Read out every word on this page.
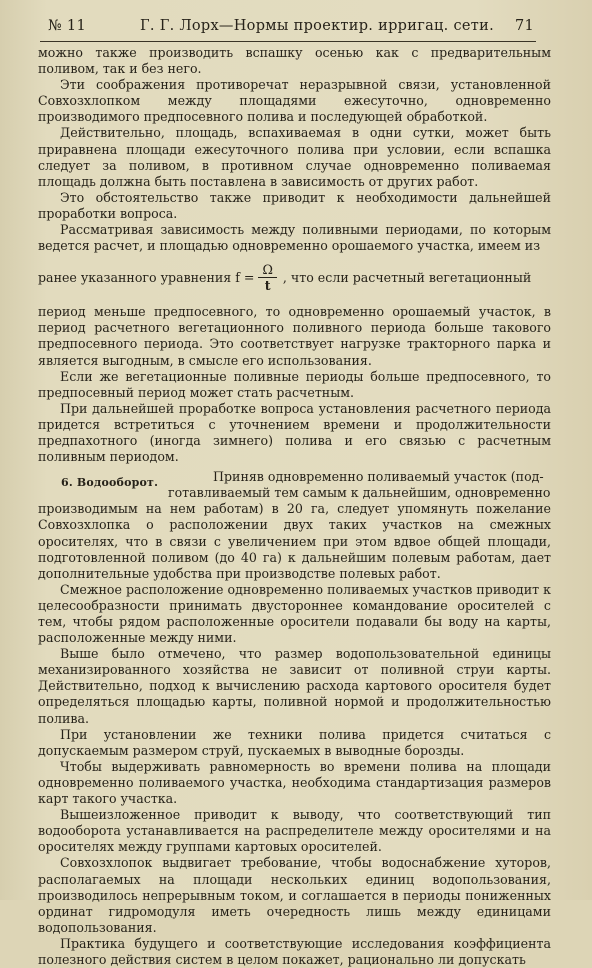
№ 11	Г. Г. Лорх—Нормы проектир. ирригац. сети. 71

можно также производить вспашку осенью как с предварительным поливом, так и без него.

Эти соображения противоречат неразрывной связи, установленной Совхозхлопком между площадями ежесуточно, одновременно производимого предпосевного полива и последующей обработкой.

Действительно, площадь, вспахиваемая в одни сутки, может быть приравнена площади ежесуточного полива при условии, если вспашка следует за поливом, в противном случае одновременно поливаемая площадь должна быть поставлена в зависимость от других работ.

Это обстоятельство также приводит к необходимости дальнейшей проработки вопроса.

Рассматривая зависимость между поливными периодами, по которым ведется расчет, и площадью одновременно орошаемого участка, имеем из

ранее указанного уравнения $f = \frac{\Omega}{t}$ , что если расчетный вегетационный

период меньше предпосевного, то одновременно орошаемый участок, в период расчетного вегетационного поливного периода больше такового предпосевного периода. Это соответствует нагрузке тракторного парка и является выгодным, в смысле его использования.

Если же вегетационные поливные периоды больше предпосевного, то предпосевный период может стать расчетным.

При дальнейшей проработке вопроса установления расчетного периода придется встретиться с уточнением времени и продолжительности предпахотного (иногда зимнего) полива и его связью с расчетным поливным периодом.

6. Водооборот.	Приняв одновременно поливаемый участок (под-

готавливаемый тем самым к дальнейшим, одновременно

производимым на нем работам) в 20 га, следует упомянуть пожелание Совхозхлопка о расположении двух таких участков на смежных оросителях, что в связи с увеличением при этом вдвое общей площади, подготовленной поливом (до 40 га) к дальнейшим полевым работам, дает дополнительные удобства при производстве полевых работ.

Смежное расположение одновременно поливаемых участков приводит к целесообразности принимать двустороннее командование оросителей с тем, чтобы рядом расположенные оросители подавали бы воду на карты, расположенные между ними.

Выше было отмечено, что размер водопользовательной единицы механизированного хозяйства не зависит от поливной струи карты. Действительно, подход к вычислению расхода картового оросителя будет определяться площадью карты, поливной нормой и продолжительностью полива.

При установлении же техники полива придется считаться с допускаемым размером струй, пускаемых в выводные борозды.

Чтобы выдерживать равномерность во времени полива на площади одновременно поливаемого участка, необходима стандартизация размеров карт такого участка.

Вышеизложенное приводит к выводу, что соответствующий тип водооборота устанавливается на распределителе между оросителями и на оросителях между группами картовых оросителей.

Совхозхлопок выдвигает требование, чтобы водоснабжение хуторов, располагаемых на площади нескольких единиц водопользования, производилось непрерывным током, и соглашается в периоды пониженных ординат гидромодуля иметь очередность лишь между единицами водопользования.

Практика будущего и соответствующие исследования коэффициента полезного действия систем в целом покажет, рационально ли допускать
